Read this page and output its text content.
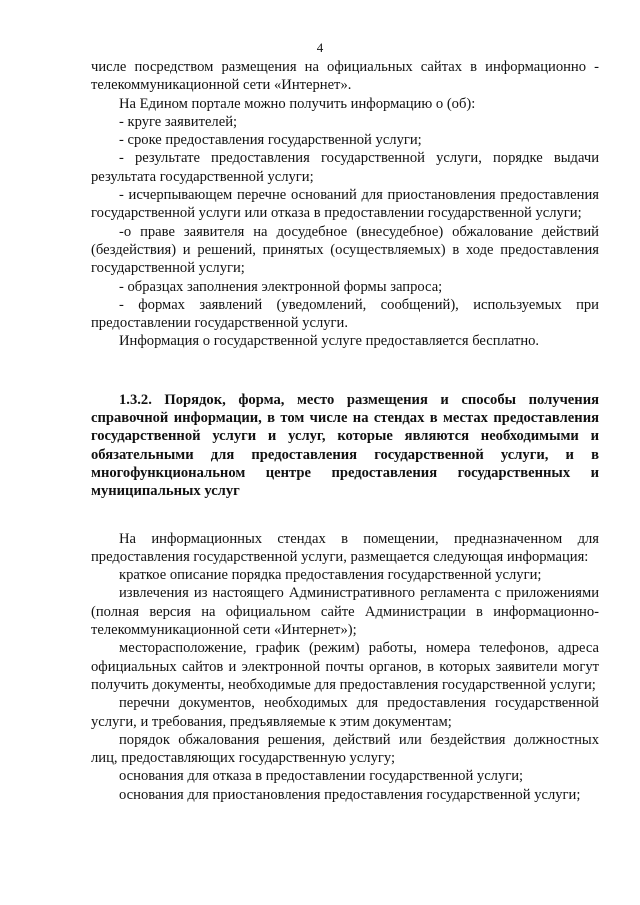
4

числе посредством размещения на официальных сайтах в информационно - телекоммуникационной сети «Интернет».

На Едином портале можно получить информацию о (об):

- круге заявителей;

- сроке предоставления государственной услуги;

- результате предоставления государственной услуги, порядке выдачи результата государственной услуги;

- исчерпывающем перечне оснований для приостановления предоставления государственной услуги или отказа в предоставлении государственной услуги;

-о праве заявителя на досудебное (внесудебное) обжалование действий (бездействия) и решений, принятых (осуществляемых) в ходе предоставления государственной услуги;

- образцах заполнения электронной формы запроса;

- формах заявлений (уведомлений, сообщений), используемых при предоставлении государственной услуги.

Информация о государственной услуге предоставляется бесплатно.

1.3.2. Порядок, форма, место размещения и способы получения справочной информации, в том числе на стендах в местах предоставления государственной услуги и услуг, которые являются необходимыми и обязательными для предоставления государственной услуги, и в многофункциональном центре предоставления государственных и муниципальных услуг

На информационных стендах в помещении, предназначенном для предоставления государственной услуги, размещается следующая информация:

краткое описание порядка предоставления государственной услуги;

извлечения из настоящего Административного регламента с приложениями (полная версия на официальном сайте Администрации в информационно-телекоммуникационной сети «Интернет»);

месторасположение, график (режим) работы, номера телефонов, адреса официальных сайтов и электронной почты органов, в которых заявители могут получить документы, необходимые для предоставления государственной услуги;

перечни документов, необходимых для предоставления государственной услуги, и требования, предъявляемые к этим документам;

порядок обжалования решения, действий или бездействия должностных лиц, предоставляющих государственную услугу;

основания для отказа в предоставлении государственной услуги;

основания для приостановления предоставления государственной услуги;
